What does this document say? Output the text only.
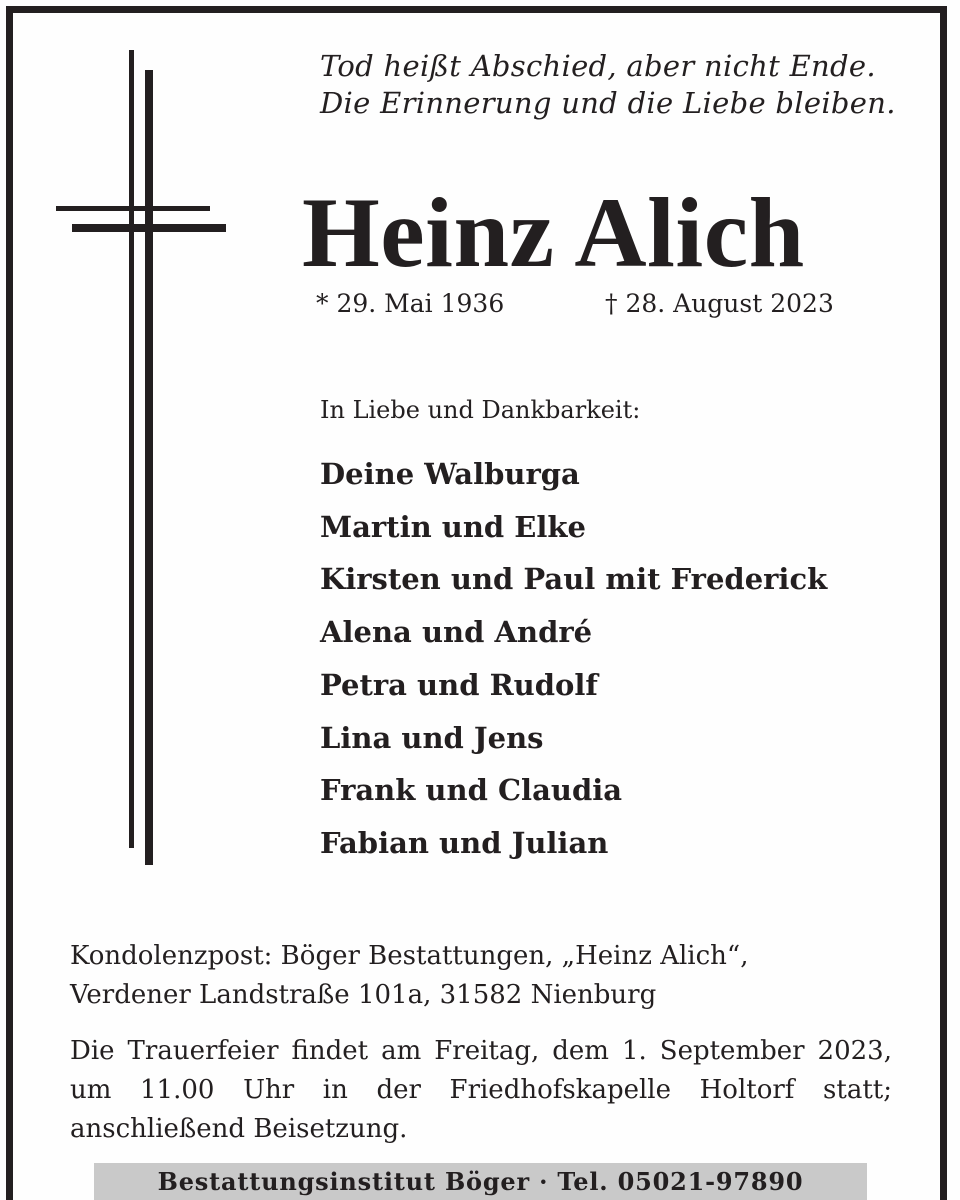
Tod heißt Abschied, aber nicht Ende.
Die Erinnerung und die Liebe bleiben.
Heinz Alich
* 29. Mai 1936	† 28. August 2023
In Liebe und Dankbarkeit:
Deine Walburga
Martin und Elke
Kirsten und Paul mit Frederick
Alena und André
Petra und Rudolf
Lina und Jens
Frank und Claudia
Fabian und Julian
Kondolenzpost: Böger Bestattungen, „Heinz Alich“,
Verdener Landstraße 101a, 31582 Nienburg
Die Trauerfeier findet am Freitag, dem 1. September 2023,
um 11.00 Uhr in der Friedhofskapelle Holtorf statt;
anschließend Beisetzung.
Bestattungsinstitut Böger · Tel. 05021-97890
